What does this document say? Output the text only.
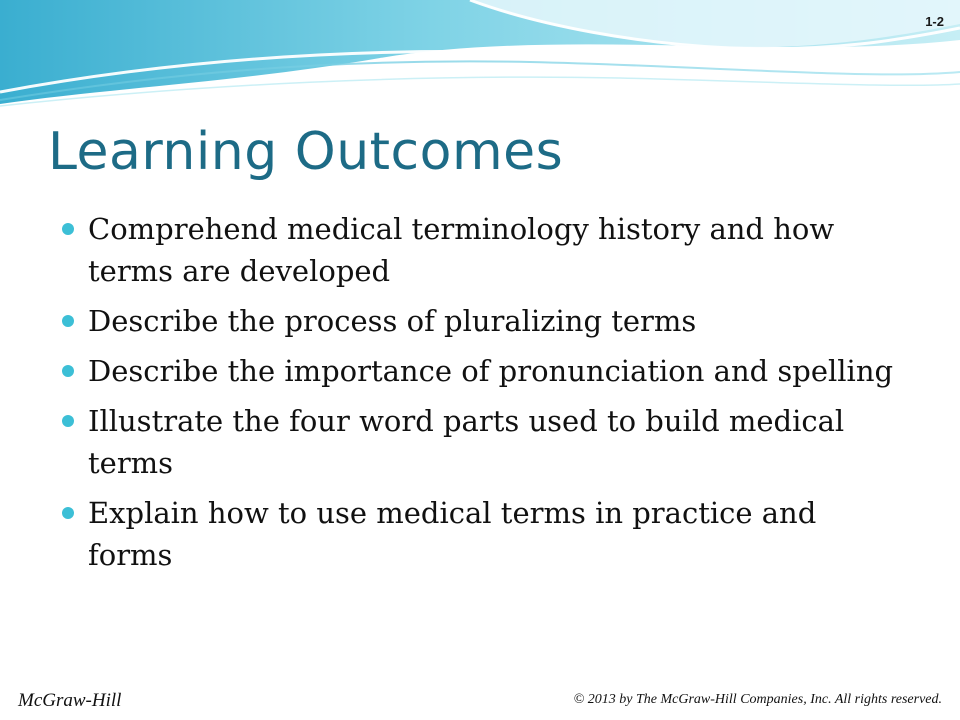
1-2
Learning Outcomes
Comprehend medical terminology history and how terms are developed
Describe the process of pluralizing terms
Describe the importance of pronunciation and spelling
Illustrate the four word parts used to build medical terms
Explain how to use medical terms in practice and forms
McGraw-Hill	© 2013 by The McGraw-Hill Companies, Inc. All rights reserved.
